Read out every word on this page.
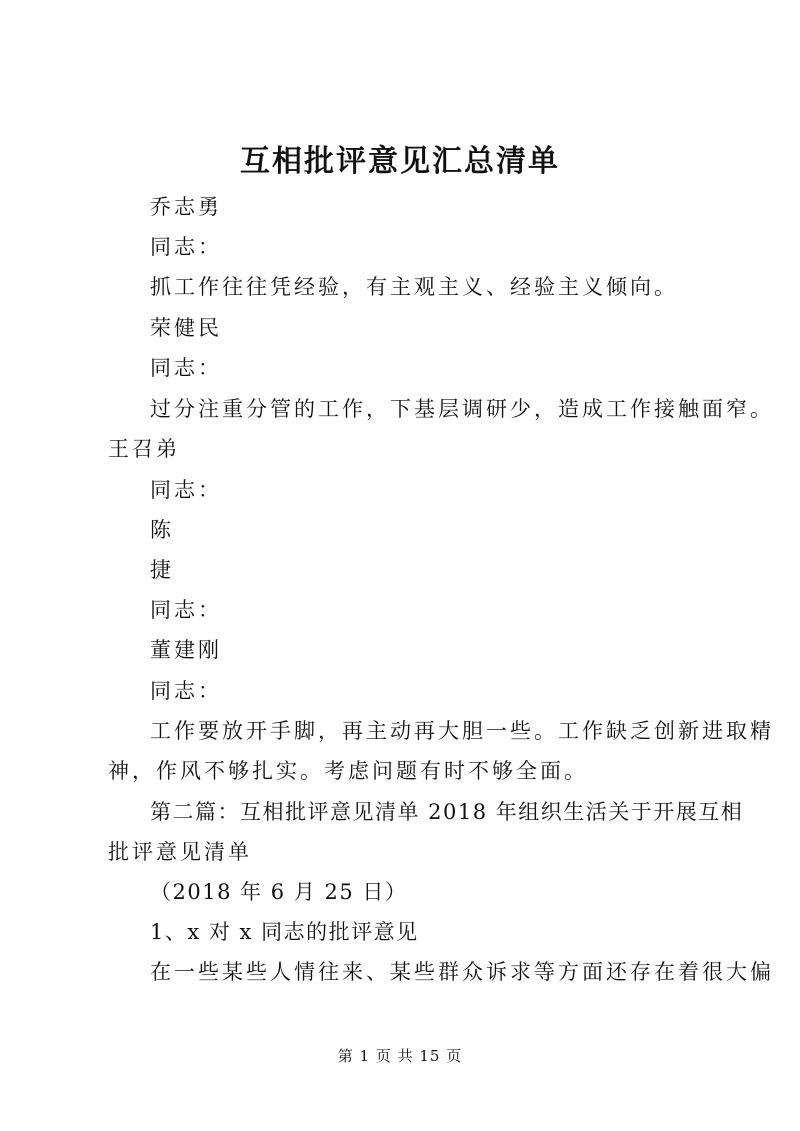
互相批评意见汇总清单
乔志勇
同志：
抓工作往往凭经验，有主观主义、经验主义倾向。
荣健民
同志：
过分注重分管的工作，下基层调研少，造成工作接触面窄。
王召弟
同志：
陈
捷
同志：
董建刚
同志：
工作要放开手脚，再主动再大胆一些。工作缺乏创新进取精
神，作风不够扎实。考虑问题有时不够全面。
第二篇：互相批评意见清单 2018 年组织生活关于开展互相
批评意见清单
（2018 年 6 月 25 日）
1、x 对 x 同志的批评意见
在一些某些人情往来、某些群众诉求等方面还存在着很大偏
第 1 页 共 15 页
